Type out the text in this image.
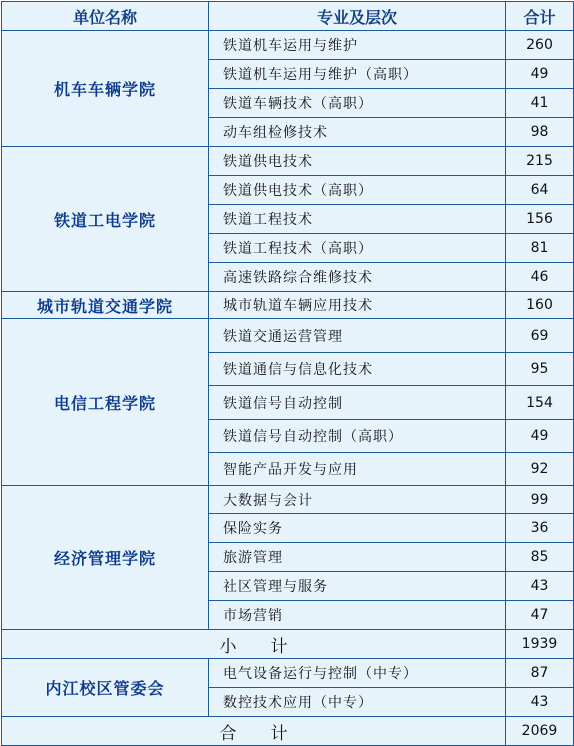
单位名称	专业及层次	合计
机车车辆学院	铁道机车运用与维护	260
	铁道机车运用与维护（高职）	49
	铁道车辆技术（高职）	41
	动车组检修技术	98
铁道工电学院	铁道供电技术	215
	铁道供电技术（高职）	64
	铁道工程技术	156
	铁道工程技术（高职）	81
	高速铁路综合维修技术	46
城市轨道交通学院	城市轨道车辆应用技术	160
电信工程学院	铁道交通运营管理	69
	铁道通信与信息化技术	95
	铁道信号自动控制	154
	铁道信号自动控制（高职）	49
	智能产品开发与应用	92
经济管理学院	大数据与会计	99
	保险实务	36
	旅游管理	85
	社区管理与服务	43
	市场营销	47
小　　计		1939
内江校区管委会	电气设备运行与控制（中专）	87
	数控技术应用（中专）	43
合　　计		2069
